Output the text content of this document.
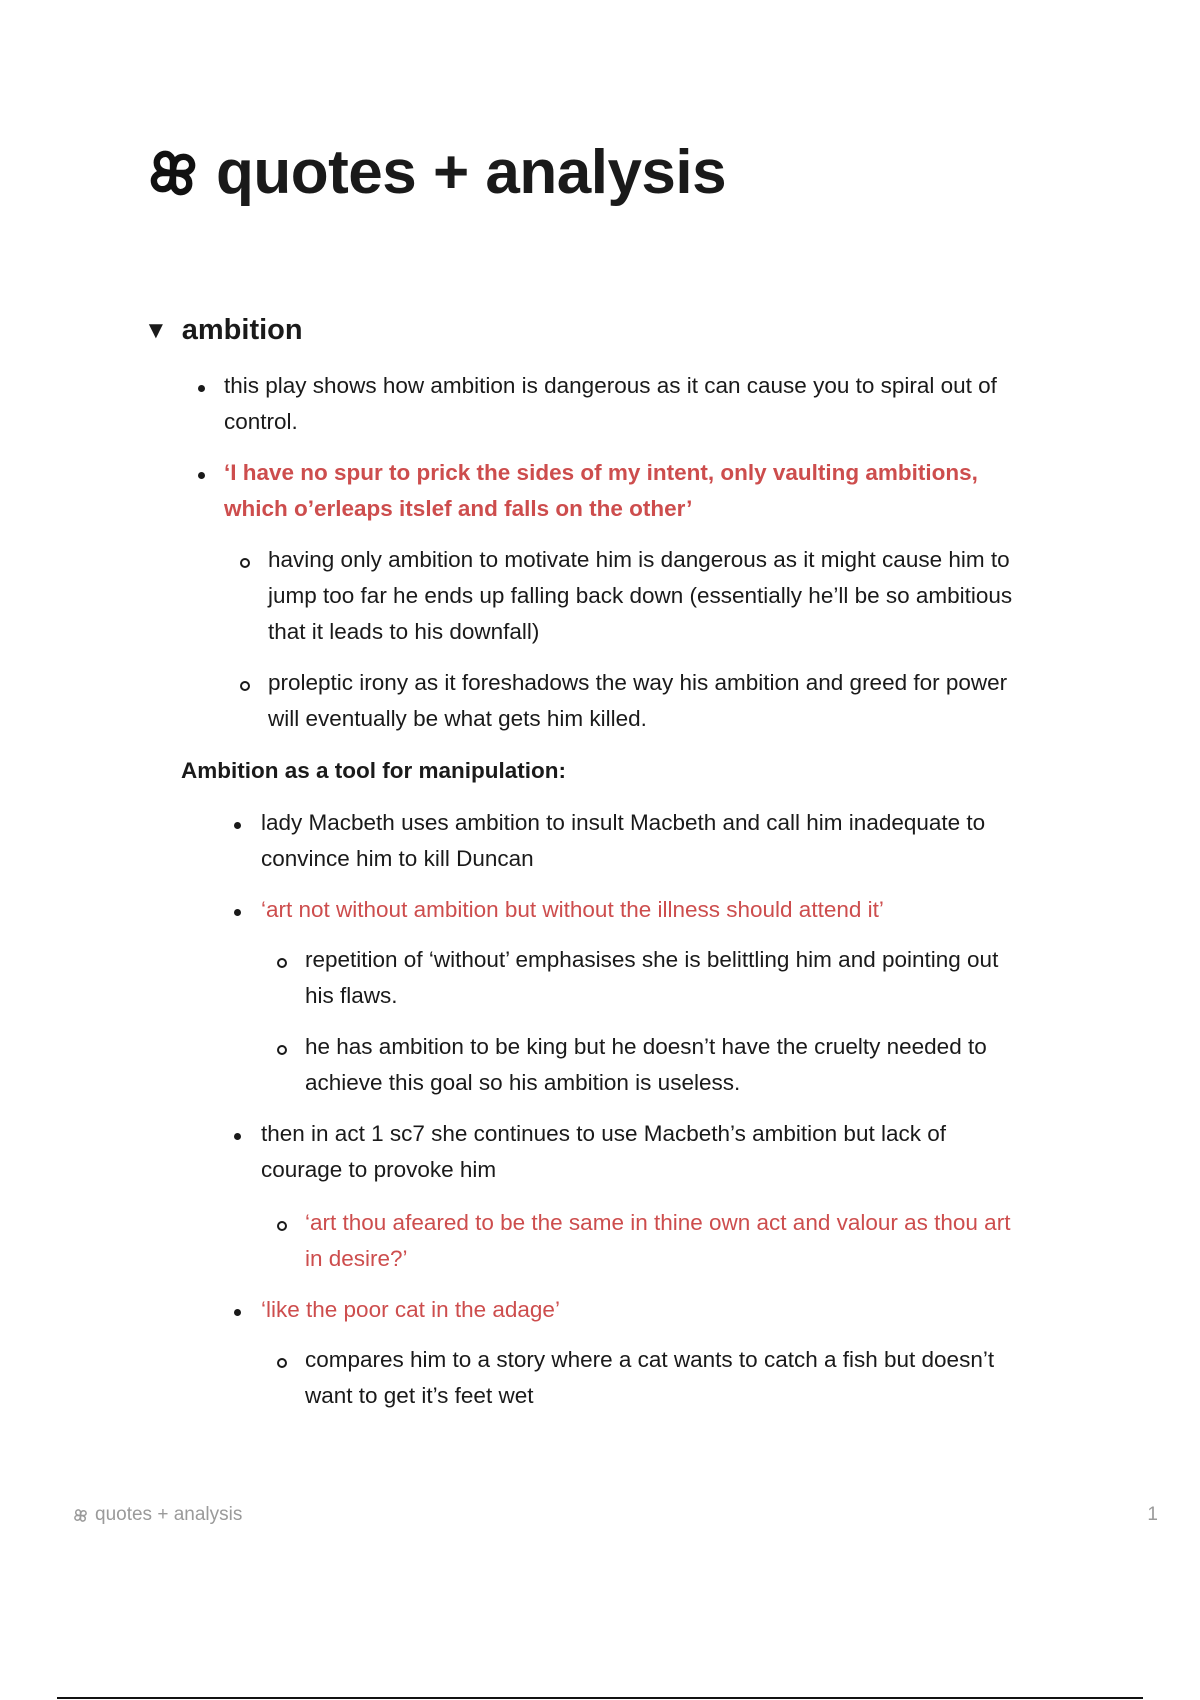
quotes + analysis
▼ ambition

this play shows how ambition is dangerous as it can cause you to spiral out of

control.

‘I have no spur to prick the sides of my intent, only vaulting ambitions,

which o’erleaps itslef and falls on the other’

having only ambition to motivate him is dangerous as it might cause him to

jump too far he ends up falling back down (essentially he’ll be so ambitious

that it leads to his downfall)

proleptic irony as it foreshadows the way his ambition and greed for power

will eventually be what gets him killed.

Ambition as a tool for manipulation:

lady Macbeth uses ambition to insult Macbeth and call him inadequate to

convince him to kill Duncan

‘art not without ambition but without the illness should attend it’

repetition of ‘without’ emphasises she is belittling him and pointing out

his flaws.

he has ambition to be king but he doesn’t have the cruelty needed to

achieve this goal so his ambition is useless.

then in act 1 sc7 she continues to use Macbeth’s ambition but lack of

courage to provoke him

‘art thou afeared to be the same in thine own act and valour as thou art

in desire?’

‘like the poor cat in the adage’

compares him to a story where a cat wants to catch a fish but doesn’t

want to get it’s feet wet

quotes + analysis	1
